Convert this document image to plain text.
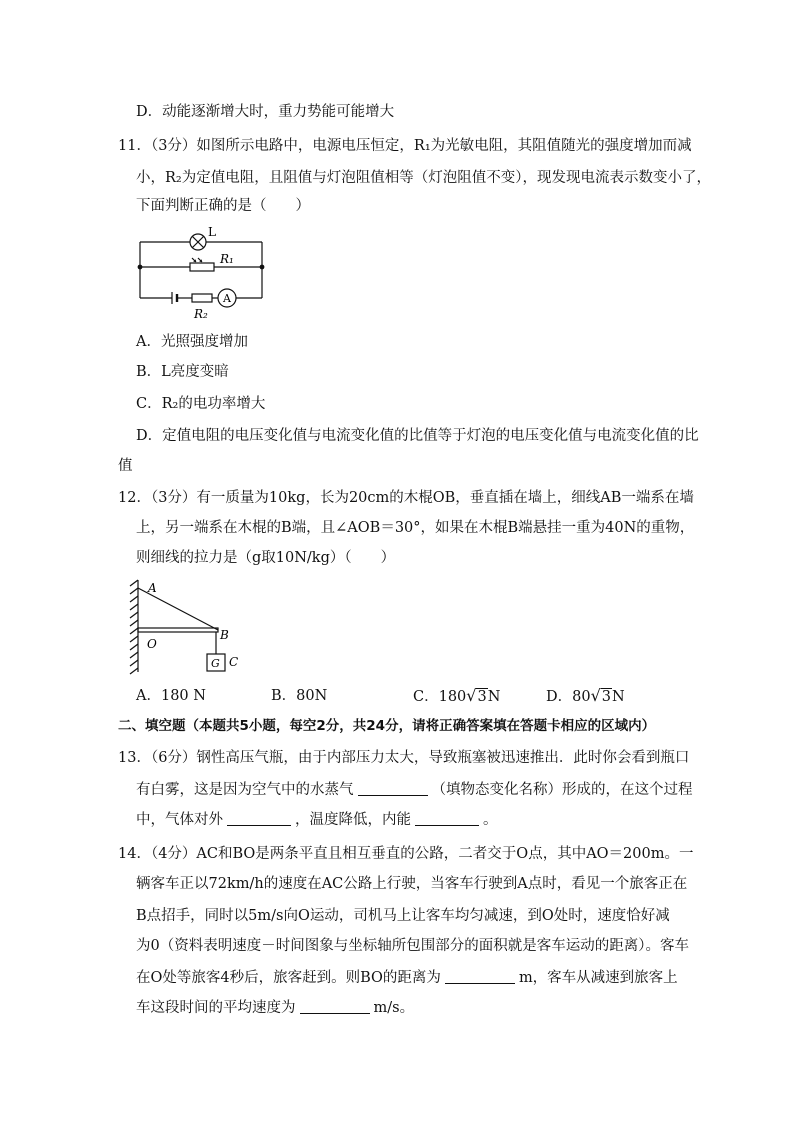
D．动能逐渐增大时，重力势能可能增大
11．（3分）如图所示电路中，电源电压恒定，R₁为光敏电阻，其阻值随光的强度增加而减
小，R₂为定值电阻，且阻值与灯泡阻值相等（灯泡阻值不变），现发现电流表示数变小了，
下面判断正确的是（　　）
L
R₁
A
R₂
A．光照强度增加
B．L亮度变暗
C．R₂的电功率增大
D．定值电阻的电压变化值与电流变化值的比值等于灯泡的电压变化值与电流变化值的比
值
12．（3分）有一质量为10kg，长为20cm的木棍OB，垂直插在墙上，细线AB一端系在墙
上，另一端系在木棍的B端，且∠AOB＝30°，如果在木棍B端悬挂一重为40N的重物，
则细线的拉力是（g取10N/kg）（　　）
A
O
B
G C
A．180 N	B．80N	C．180√3N	D．80√3N
二、填空题（本题共5小题，每空2分，共24分，请将正确答案填在答题卡相应的区域内）
13．（6分）钢性高压气瓶，由于内部压力太大，导致瓶塞被迅速推出．此时你会看到瓶口
有白雾，这是因为空气中的水蒸气	（填物态变化名称）形成的，在这个过程
中，气体对外	，温度降低，内能	。
14．（4分）AC和BO是两条平直且相互垂直的公路，二者交于O点，其中AO＝200m。一
辆客车正以72km/h的速度在AC公路上行驶，当客车行驶到A点时，看见一个旅客正在
B点招手，同时以5m/s向O运动，司机马上让客车均匀减速，到O处时，速度恰好减
为0（资料表明速度－时间图象与坐标轴所包围部分的面积就是客车运动的距离）。客车
在O处等旅客4秒后，旅客赶到。则BO的距离为	m，客车从减速到旅客上
车这段时间的平均速度为	m/s。
